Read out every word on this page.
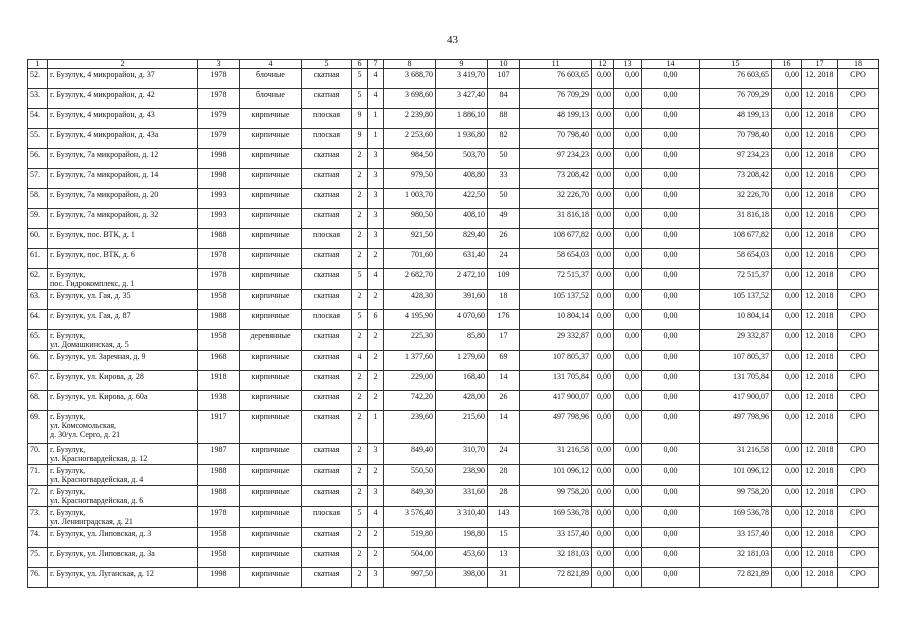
43
1	2	3	4	5	6	7	8	9	10	11	12	13	14	15	16	17	18
52.	г. Бузулук, 4 микрорайон, д. 37	1978	блочные	скатная	5	4	3 688,70	3 419,70	107	76 603,65	0,00	0,00	0,00	76 603,65	0,00	12. 2018	СРО
53.	г. Бузулук, 4 микрорайон, д. 42	1978	блочные	скатная	5	4	3 698,60	3 427,40	84	76 709,29	0,00	0,00	0,00	76 709,29	0,00	12. 2018	СРО
54.	г. Бузулук, 4 микрорайон, д. 43	1979	кирпичные	плоская	9	1	2 239,80	1 886,10	88	48 199,13	0,00	0,00	0,00	48 199,13	0,00	12. 2018	СРО
55.	г. Бузулук, 4 микрорайон, д. 43а	1979	кирпичные	плоская	9	1	2 253,60	1 936,80	82	70 798,40	0,00	0,00	0,00	70 798,40	0,00	12. 2018	СРО
56.	г. Бузулук, 7а микрорайон, д. 12	1998	кирпичные	скатная	2	3	984,50	503,70	50	97 234,23	0,00	0,00	0,00	97 234,23	0,00	12. 2018	СРО
57.	г. Бузулук, 7а микрорайон, д. 14	1998	кирпичные	скатная	2	3	979,50	408,80	33	73 208,42	0,00	0,00	0,00	73 208,42	0,00	12. 2018	СРО
58.	г. Бузулук, 7а микрорайон, д. 20	1993	кирпичные	скатная	2	3	1 003,70	422,50	50	32 226,70	0,00	0,00	0,00	32 226,70	0,00	12. 2018	СРО
59.	г. Бузулук, 7а микрорайон, д. 32	1993	кирпичные	скатная	2	3	980,50	408,10	49	31 816,18	0,00	0,00	0,00	31 816,18	0,00	12. 2018	СРО
60.	г. Бузулук, пос. ВТК, д. 1	1988	кирпичные	плоская	2	3	921,50	829,40	26	108 677,82	0,00	0,00	0,00	108 677,82	0,00	12. 2018	СРО
61.	г. Бузулук, пос. ВТК, д. 6	1978	кирпичные	скатная	2	2	701,60	631,40	24	58 654,03	0,00	0,00	0,00	58 654,03	0,00	12. 2018	СРО
62.	г. Бузулук,
пос. Гидрокомплекс, д. 1	1978	кирпичные	скатная	5	4	2 682,70	2 472,10	109	72 515,37	0,00	0,00	0,00	72 515,37	0,00	12. 2018	СРО
63.	г. Бузулук, ул. Гая, д. 35	1958	кирпичные	скатная	2	2	428,30	391,60	18	105 137,52	0,00	0,00	0,00	105 137,52	0,00	12. 2018	СРО
64.	г. Бузулук, ул. Гая, д. 87	1988	кирпичные	плоская	5	6	4 195,90	4 070,60	176	10 804,14	0,00	0,00	0,00	10 804,14	0,00	12. 2018	СРО
65.	г. Бузулук,
ул. Домашкинская, д. 5	1958	деревянные	скатная	2	2	225,30	85,80	17	29 332,87	0,00	0,00	0,00	29 332,87	0,00	12. 2018	СРО
66.	г. Бузулук, ул. Заречная, д. 9	1968	кирпичные	скатная	4	2	1 377,60	1 279,60	69	107 805,37	0,00	0,00	0,00	107 805,37	0,00	12. 2018	СРО
67.	г. Бузулук, ул. Кирова, д. 28	1918	кирпичные	скатная	2	2	229,00	168,40	14	131 705,84	0,00	0,00	0,00	131 705,84	0,00	12. 2018	СРО
68.	г. Бузулук, ул. Кирова, д. 60а	1938	кирпичные	скатная	2	2	742,20	428,00	26	417 900,07	0,00	0,00	0,00	417 900,07	0,00	12. 2018	СРО
69.	г. Бузулук,
ул. Комсомольская,
д. 30/ул. Серго, д. 21	1917	кирпичные	скатная	2	1	239,60	215,60	14	497 798,96	0,00	0,00	0,00	497 798,96	0,00	12. 2018	СРО
70.	г. Бузулук,
ул. Красногвардейская, д. 12	1987	кирпичные	скатная	2	3	849,40	310,70	24	31 216,58	0,00	0,00	0,00	31 216,58	0,00	12. 2018	СРО
71.	г. Бузулук,
ул. Красногвардейская, д. 4	1988	кирпичные	скатная	2	2	550,50	238,90	28	101 096,12	0,00	0,00	0,00	101 096,12	0,00	12. 2018	СРО
72.	г. Бузулук,
ул. Красногвардейская, д. 6	1988	кирпичные	скатная	2	3	849,30	331,60	28	99 758,20	0,00	0,00	0,00	99 758,20	0,00	12. 2018	СРО
73.	г. Бузулук,
ул. Ленинградская, д. 21	1978	кирпичные	плоская	5	4	3 576,40	3 310,40	143	169 536,78	0,00	0,00	0,00	169 536,78	0,00	12. 2018	СРО
74.	г. Бузулук, ул. Липовская, д. 3	1958	кирпичные	скатная	2	2	519,80	198,80	15	33 157,40	0,00	0,00	0,00	33 157,40	0,00	12. 2018	СРО
75.	г. Бузулук, ул. Липовская, д. 3а	1958	кирпичные	скатная	2	2	504,00	453,60	13	32 181,03	0,00	0,00	0,00	32 181,03	0,00	12. 2018	СРО
76.	г. Бузулук, ул. Луганская, д. 12	1998	кирпичные	скатная	2	3	997,50	398,00	31	72 821,89	0,00	0,00	0,00	72 821,89	0,00	12. 2018	СРО
